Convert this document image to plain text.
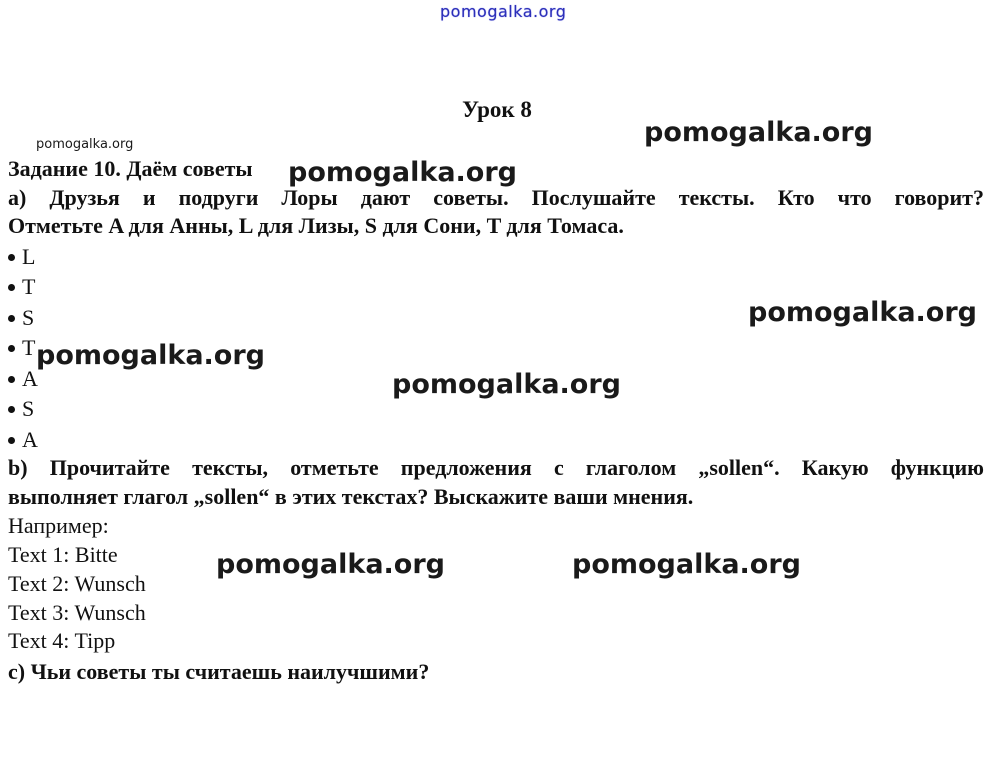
pomogalka.org
pomogalka.org
Урок 8
Задание 10. Даём советы
a) Друзья и подруги Лоры дают советы. Послушайте тексты. Кто что говорит?
Отметьте A для Анны, L для Лизы, S для Сони, T для Томаса.
L
T
S
T
A
S
A
b) Прочитайте тексты, отметьте предложения с глаголом „sollen“. Какую функцию
выполняет глагол „sollen“ в этих текстах? Выскажите ваши мнения.
Например:
Text 1: Bitte
Text 2: Wunsch
Text 3: Wunsch
Text 4: Tipp
c) Чьи советы ты считаешь наилучшими?
pomogalka.org
pomogalka.org
pomogalka.org
pomogalka.org
pomogalka.org
pomogalka.org	pomogalka.org
